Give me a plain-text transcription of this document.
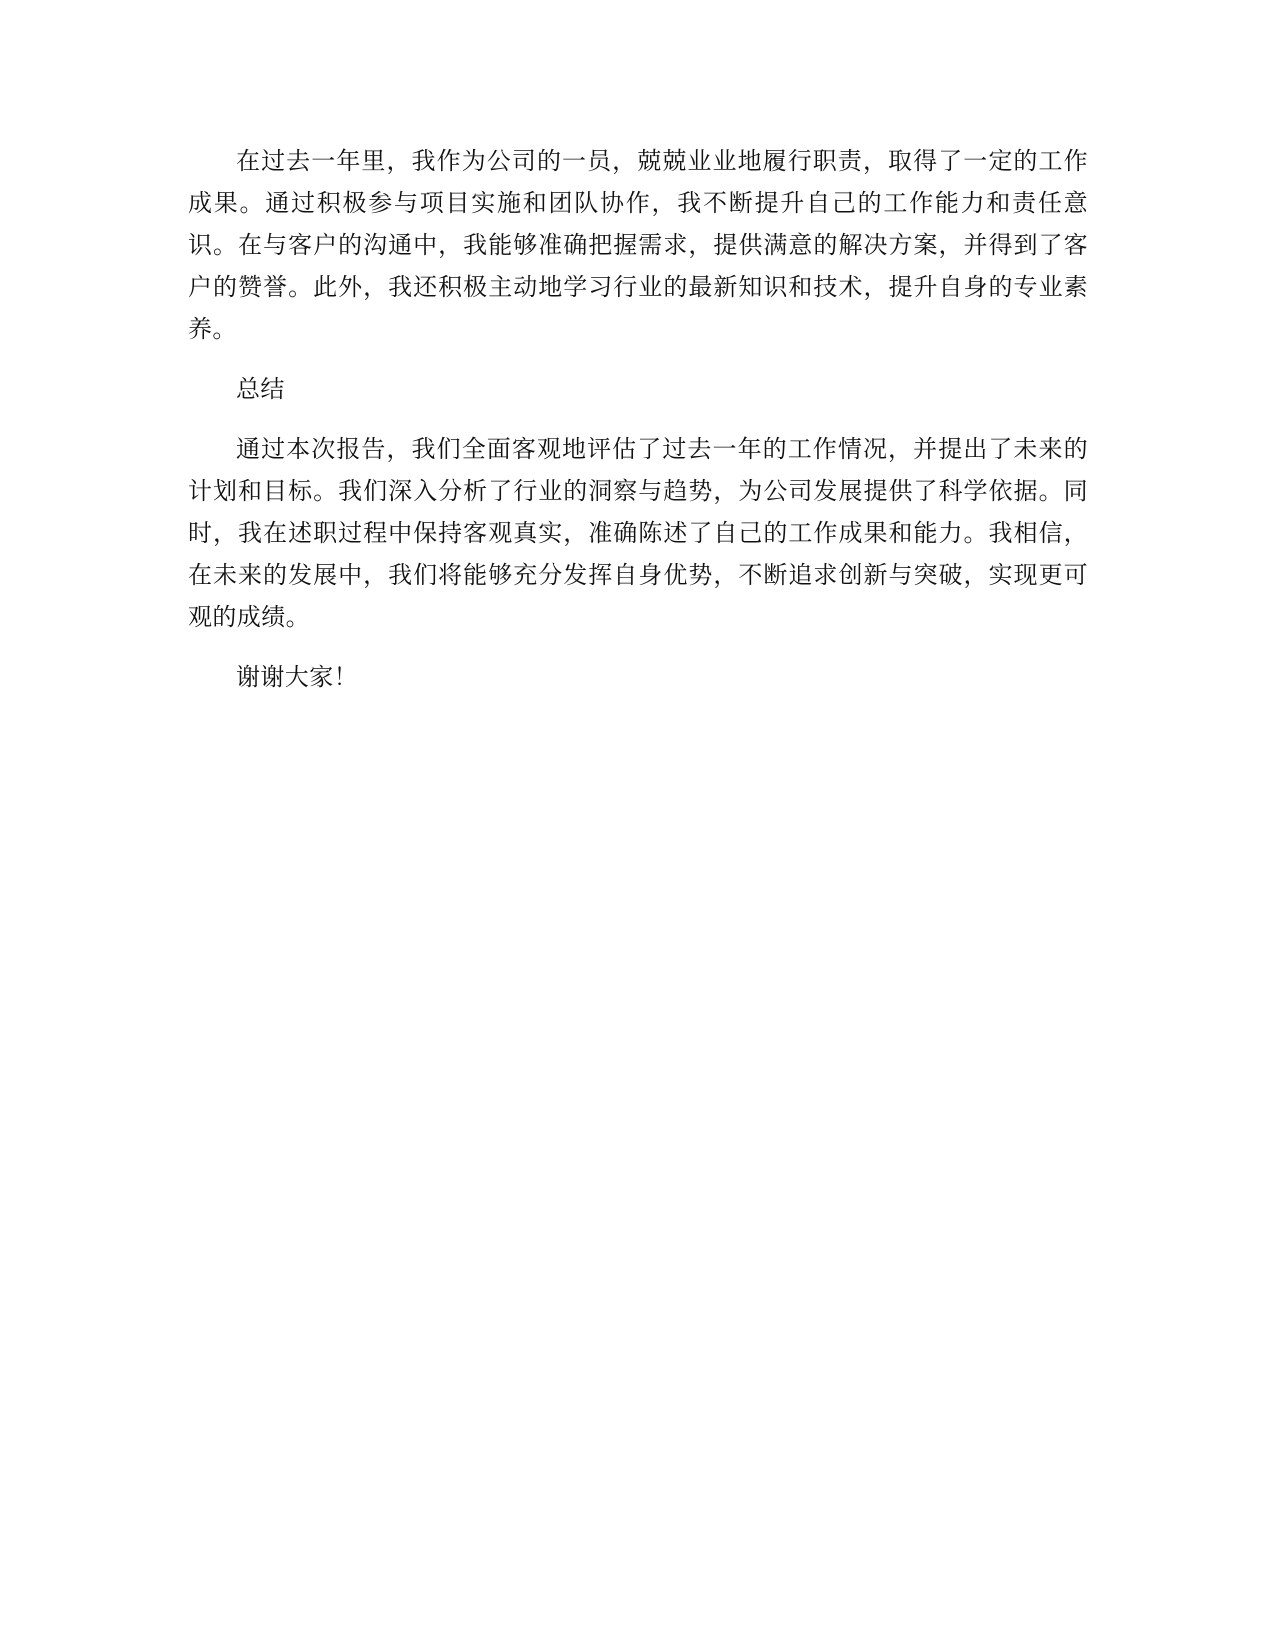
在过去一年里，我作为公司的一员，兢兢业业地履行职责，取得了一定的工作成果。通过积极参与项目实施和团队协作，我不断提升自己的工作能力和责任意识。在与客户的沟通中，我能够准确把握需求，提供满意的解决方案，并得到了客户的赞誉。此外，我还积极主动地学习行业的最新知识和技术，提升自身的专业素养。

总结

通过本次报告，我们全面客观地评估了过去一年的工作情况，并提出了未来的计划和目标。我们深入分析了行业的洞察与趋势，为公司发展提供了科学依据。同时，我在述职过程中保持客观真实，准确陈述了自己的工作成果和能力。我相信，在未来的发展中，我们将能够充分发挥自身优势，不断追求创新与突破，实现更可观的成绩。

谢谢大家！
